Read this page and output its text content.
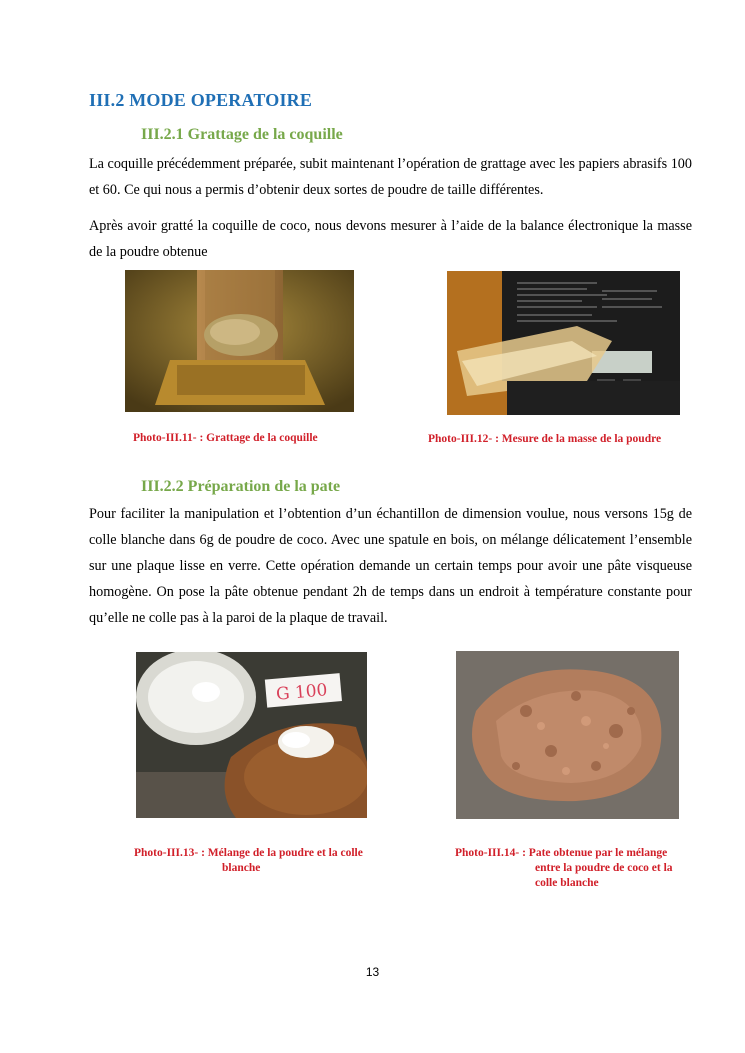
III.2 MODE OPERATOIRE
III.2.1 Grattage de la coquille
La coquille précédemment préparée, subit maintenant l’opération de grattage avec les papiers abrasifs 100 et 60. Ce qui nous a permis d’obtenir deux sortes de poudre de taille différentes.
Après avoir gratté la coquille de coco, nous devons mesurer à l’aide de la balance électronique la masse de la poudre obtenue
Photo-III.11- : Grattage de la coquille	Photo-III.12- : Mesure de la masse de la poudre
III.2.2 Préparation de la pate
Pour faciliter la manipulation et l’obtention d’un échantillon de dimension voulue, nous versons 15g de colle blanche dans 6g de poudre de coco. Avec une spatule en bois, on mélange délicatement l’ensemble sur une plaque lisse en verre. Cette opération demande un certain temps pour avoir une pâte visqueuse homogène. On pose la pâte obtenue pendant 2h de temps dans un endroit à température constante pour qu’elle ne colle pas à la paroi de la plaque de travail.
G 100
Photo-III.13- : Mélange de la poudre et la colle
blanche
Photo-III.14- : Pate obtenue par le mélange
entre la poudre de coco et la
colle blanche
13
